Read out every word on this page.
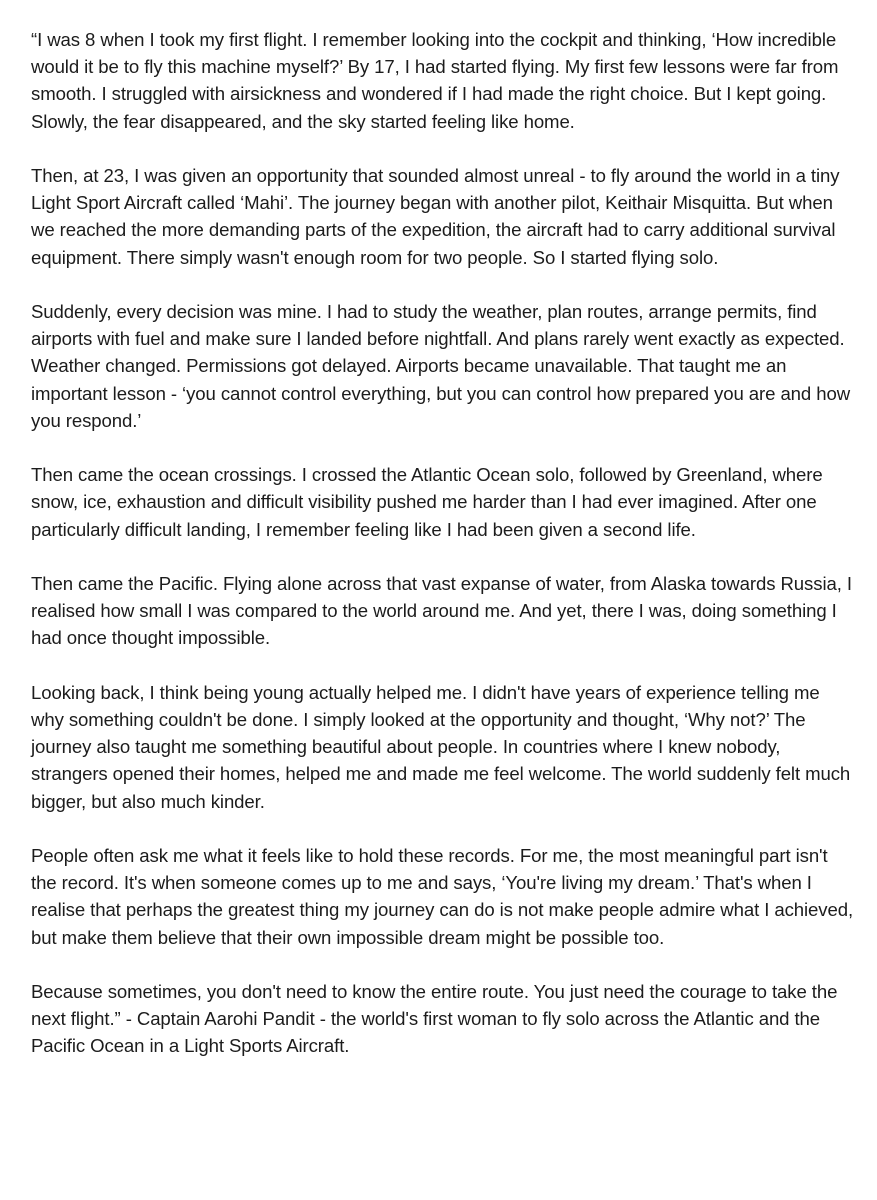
“I was 8 when I took my first flight. I remember looking into the cockpit and thinking, ‘How incredible would it be to fly this machine myself?’ By 17, I had started flying. My first few lessons were far from smooth. I struggled with airsickness and wondered if I had made the right choice. But I kept going. Slowly, the fear disappeared, and the sky started feeling like home.

Then, at 23, I was given an opportunity that sounded almost unreal - to fly around the world in a tiny Light Sport Aircraft called ‘Mahi’. The journey began with another pilot, Keithair Misquitta. But when we reached the more demanding parts of the expedition, the aircraft had to carry additional survival equipment. There simply wasn't enough room for two people. So I started flying solo.

Suddenly, every decision was mine. I had to study the weather, plan routes, arrange permits, find airports with fuel and make sure I landed before nightfall. And plans rarely went exactly as expected. Weather changed. Permissions got delayed. Airports became unavailable. That taught me an important lesson - ‘you cannot control everything, but you can control how prepared you are and how you respond.’

Then came the ocean crossings. I crossed the Atlantic Ocean solo, followed by Greenland, where snow, ice, exhaustion and difficult visibility pushed me harder than I had ever imagined. After one particularly difficult landing, I remember feeling like I had been given a second life.

Then came the Pacific. Flying alone across that vast expanse of water, from Alaska towards Russia, I realised how small I was compared to the world around me. And yet, there I was, doing something I had once thought impossible.

Looking back, I think being young actually helped me. I didn't have years of experience telling me why something couldn't be done. I simply looked at the opportunity and thought, ‘Why not?’ The journey also taught me something beautiful about people. In countries where I knew nobody, strangers opened their homes, helped me and made me feel welcome. The world suddenly felt much bigger, but also much kinder.

People often ask me what it feels like to hold these records. For me, the most meaningful part isn't the record. It's when someone comes up to me and says, ‘You're living my dream.’ That's when I realise that perhaps the greatest thing my journey can do is not make people admire what I achieved, but make them believe that their own impossible dream might be possible too.

Because sometimes, you don't need to know the entire route. You just need the courage to take the next flight.” - Captain Aarohi Pandit - the world's first woman to fly solo across the Atlantic and the Pacific Ocean in a Light Sports Aircraft.
